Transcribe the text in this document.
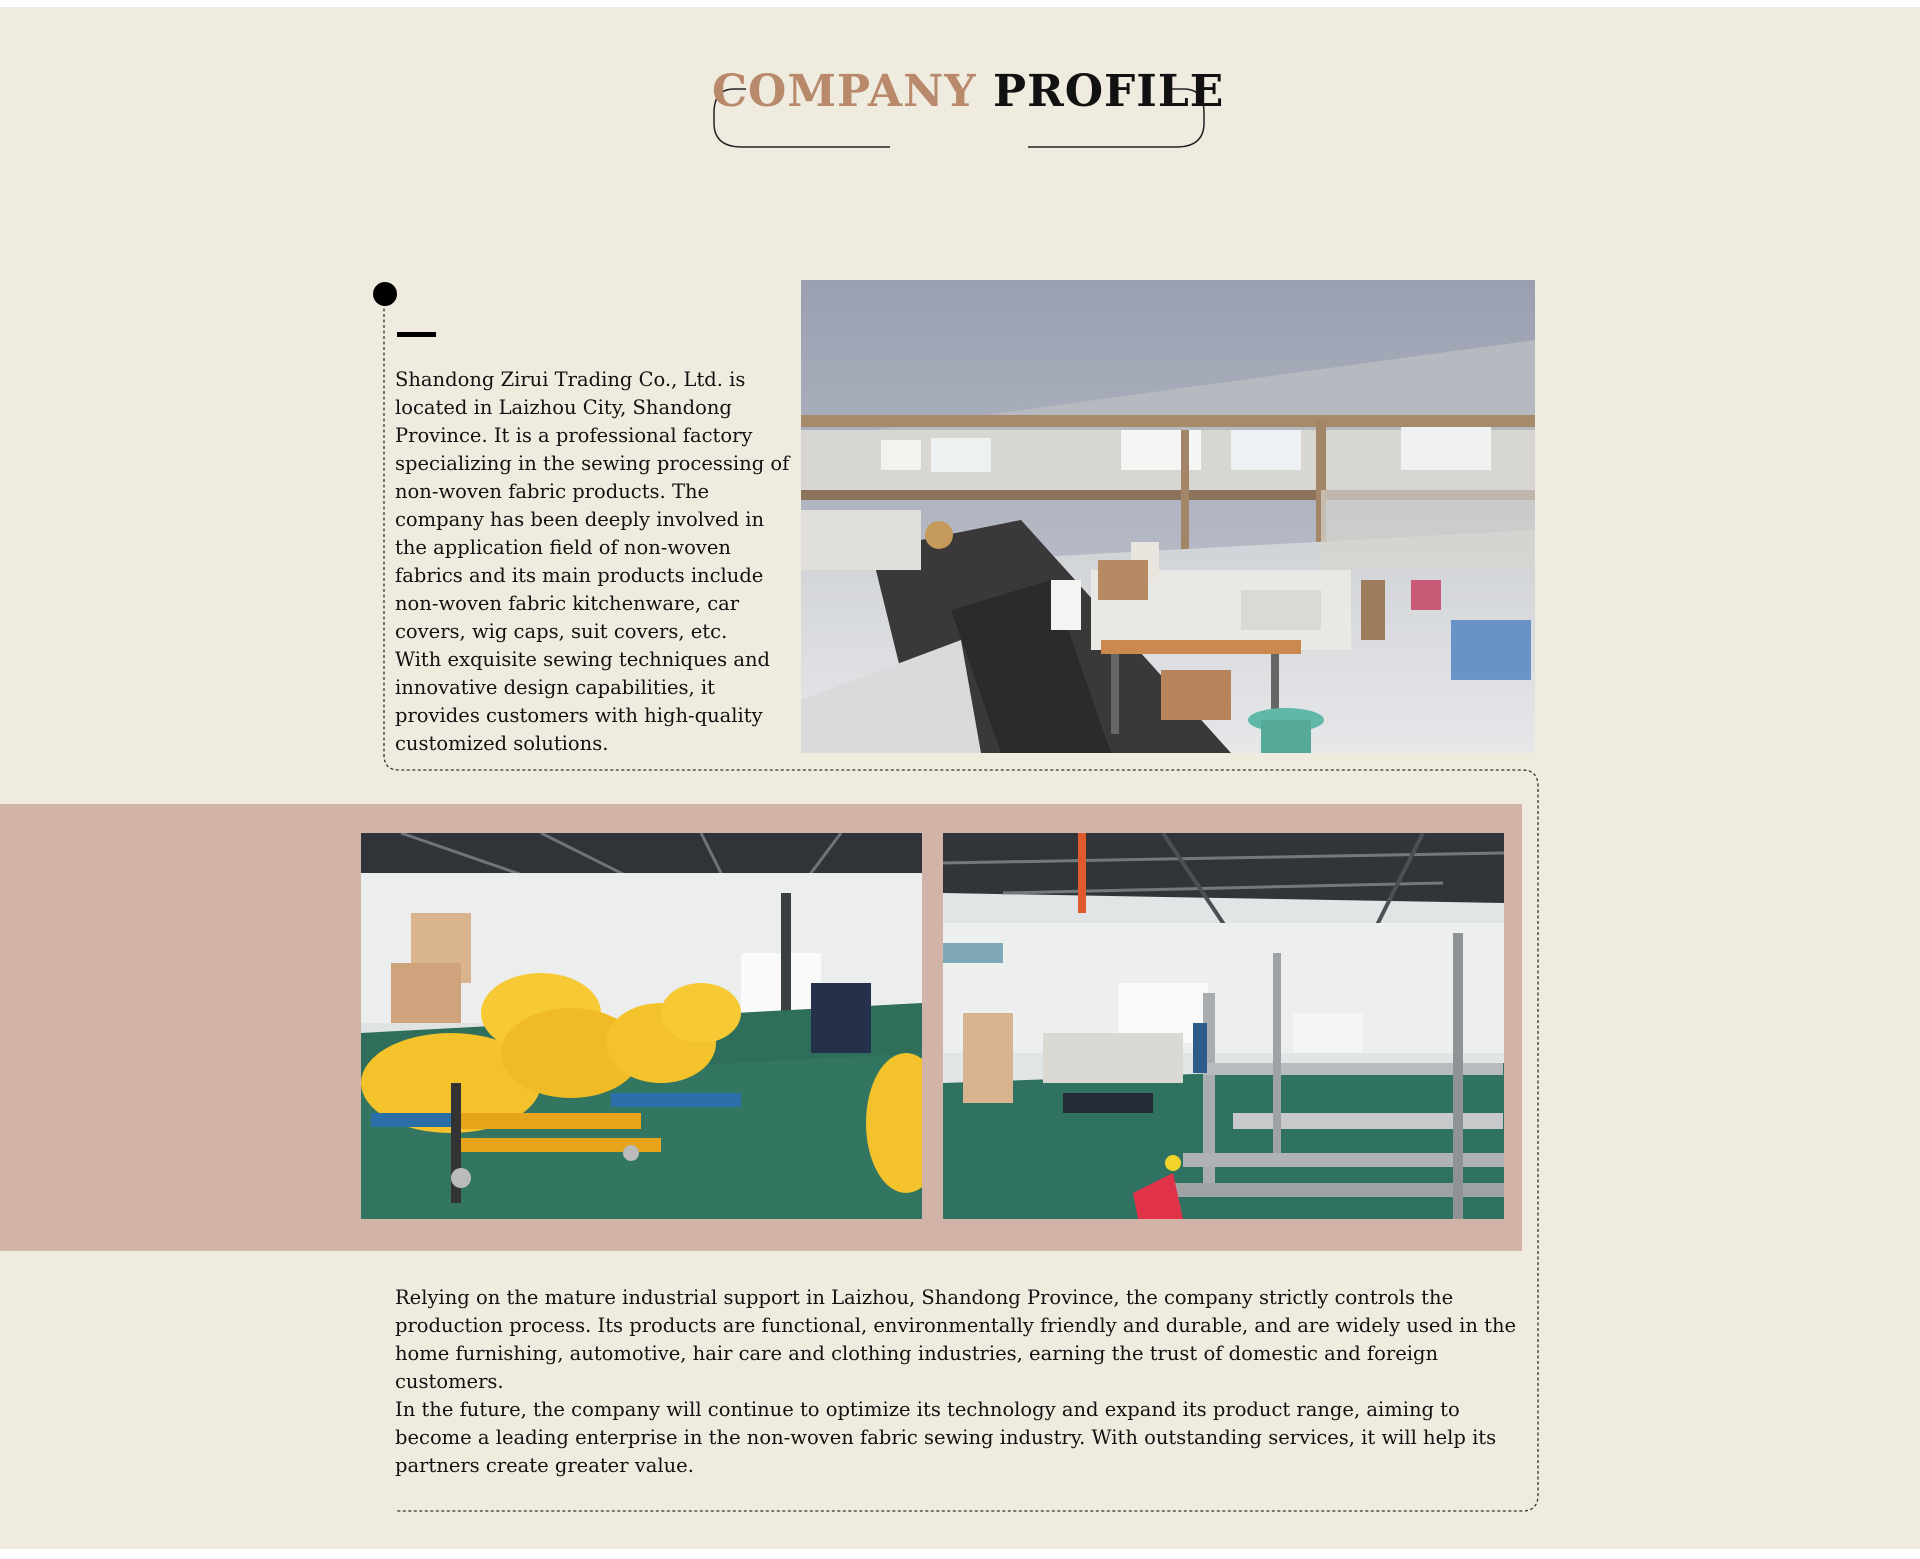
COMPANY PROFILE

Shandong Zirui Trading Co., Ltd. is located in Laizhou City, Shandong Province. It is a professional factory specializing in the sewing processing of non-woven fabric products. The company has been deeply involved in the application field of non-woven fabrics and its main products include non-woven fabric kitchenware, car covers, wig caps, suit covers, etc.

With exquisite sewing techniques and innovative design capabilities, it provides customers with high-quality customized solutions.

Relying on the mature industrial support in Laizhou, Shandong Province, the company strictly controls the production process. Its products are functional, environmentally friendly and durable, and are widely used in the home furnishing, automotive, hair care and clothing industries, earning the trust of domestic and foreign customers.

In the future, the company will continue to optimize its technology and expand its product range, aiming to become a leading enterprise in the non-woven fabric sewing industry. With outstanding services, it will help its partners create greater value.
